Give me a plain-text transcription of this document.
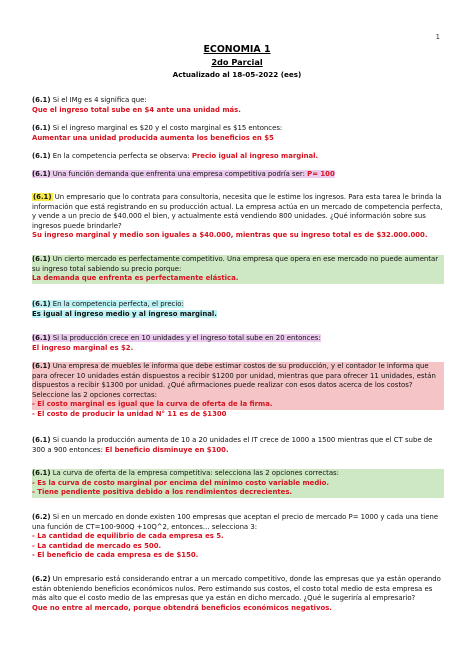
1
ECONOMIA 1
2do Parcial
Actualizado al 18-05-2022 (ees)

(6.1) Si el IMg es 4 significa que:

Que el ingreso total sube en $4 ante una unidad más.

(6.1) Si el ingreso marginal es $20 y el costo marginal es $15 entonces:

Aumentar una unidad producida aumenta los beneficios en $5

(6.1) En la competencia perfecta se observa: Precio igual al ingreso marginal.

(6.1) Una función demanda que enfrenta una empresa competitiva podría ser: P= 100

(6.1) Un empresario que lo contrata para consultoria, necesita que le estime los ingresos. Para esta tarea le brinda la información que está registrando en su producción actual. La empresa actúa en un mercado de competencia perfecta, y vende a un precio de $40.000 el bien, y actualmente está vendiendo 800 unidades. ¿Qué información sobre sus ingresos puede brindarle?

Su ingreso marginal y medio son iguales a $40.000, mientras que su ingreso total es de $32.000.000.

(6.1) Un cierto mercado es perfectamente competitivo. Una empresa que opera en ese mercado no puede aumentar su ingreso total sabiendo su precio porque:

La demanda que enfrenta es perfectamente elástica.

(6.1) En la competencia perfecta, el precio:

Es igual al ingreso medio y al ingreso marginal.

(6.1) Si la producción crece en 10 unidades y el ingreso total sube en 20 entonces:

El ingreso marginal es $2.

(6.1) Una empresa de muebles le informa que debe estimar costos de su producción, y el contador le informa que para ofrecer 10 unidades están dispuestos a recibir $1200 por unidad, mientras que para ofrecer 11 unidades, están dispuestos a recibir $1300 por unidad. ¿Qué afirmaciones puede realizar con esos datos acerca de los costos? Seleccione las 2 opciones correctas:

- El costo marginal es igual que la curva de oferta de la firma.

- El costo de producir la unidad N° 11 es de $1300

(6.1) Si cuando la producción aumenta de 10 a 20 unidades el IT crece de 1000 a 1500 mientras que el CT sube de 300 a 900 entonces: El beneficio disminuye en $100.

(6.1) La curva de oferta de la empresa competitiva: selecciona las 2 opciones correctas:

- Es la curva de costo marginal por encima del mínimo costo variable medio.

- Tiene pendiente positiva debido a los rendimientos decrecientes.

(6.2) Si en un mercado en donde existen 100 empresas que aceptan el precio de mercado P= 1000 y cada una tiene una función de CT=100-900Q +10Q^2, entonces… selecciona 3:

- La cantidad de equilibrio de cada empresa es 5.

- La cantidad de mercado es 500.

- El beneficio de cada empresa es de $150.

(6.2) Un empresario está considerando entrar a un mercado competitivo, donde las empresas que ya están operando están obteniendo beneficios económicos nulos. Pero estimando sus costos, el costo total medio de esta empresa es más alto que el costo medio de las empresas que ya están en dicho mercado. ¿Qué le sugeriría al empresario?

Que no entre al mercado, porque obtendrá beneficios económicos negativos.
